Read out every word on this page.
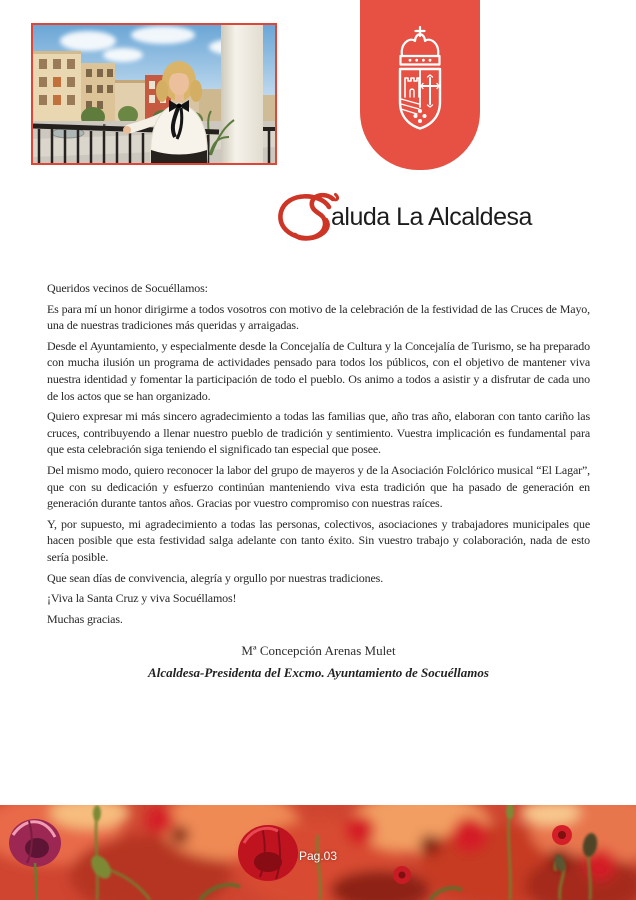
aluda La Alcaldesa

Queridos vecinos de Socuéllamos:

Es para mí un honor dirigirme a todos vosotros con motivo de la celebración de la festividad de las Cruces de Mayo, una de nuestras tradiciones más queridas y arraigadas.

Desde el Ayuntamiento, y especialmente desde la Concejalía de Cultura y la Concejalía de Turismo, se ha preparado con mucha ilusión un programa de actividades pensado para todos los públicos, con el objetivo de mantener viva nuestra identidad y fomentar la participación de todo el pueblo. Os animo a todos a asistir y a disfrutar de cada uno de los actos que se han organizado.

Quiero expresar mi más sincero agradecimiento a todas las familias que, año tras año, elaboran con tanto cariño las cruces, contribuyendo a llenar nuestro pueblo de tradición y sentimiento. Vuestra implicación es fundamental para que esta celebración siga teniendo el significado tan especial que posee.

Del mismo modo, quiero reconocer la labor del grupo de mayeros y de la Asociación Folclórico musical “El Lagar”, que con su dedicación y esfuerzo continúan manteniendo viva esta tradición que ha pasado de generación en generación durante tantos años. Gracias por vuestro compromiso con nuestras raíces.

Y, por supuesto, mi agradecimiento a todas las personas, colectivos, asociaciones y trabajadores municipales que hacen posible que esta festividad salga adelante con tanto éxito. Sin vuestro trabajo y colaboración, nada de esto sería posible.

Que sean días de convivencia, alegría y orgullo por nuestras tradiciones.

¡Viva la Santa Cruz y viva Socuéllamos!

Muchas gracias.

Mª Concepción Arenas Mulet
Alcaldesa-Presidenta del Excmo. Ayuntamiento de Socuéllamos
Pag.03
